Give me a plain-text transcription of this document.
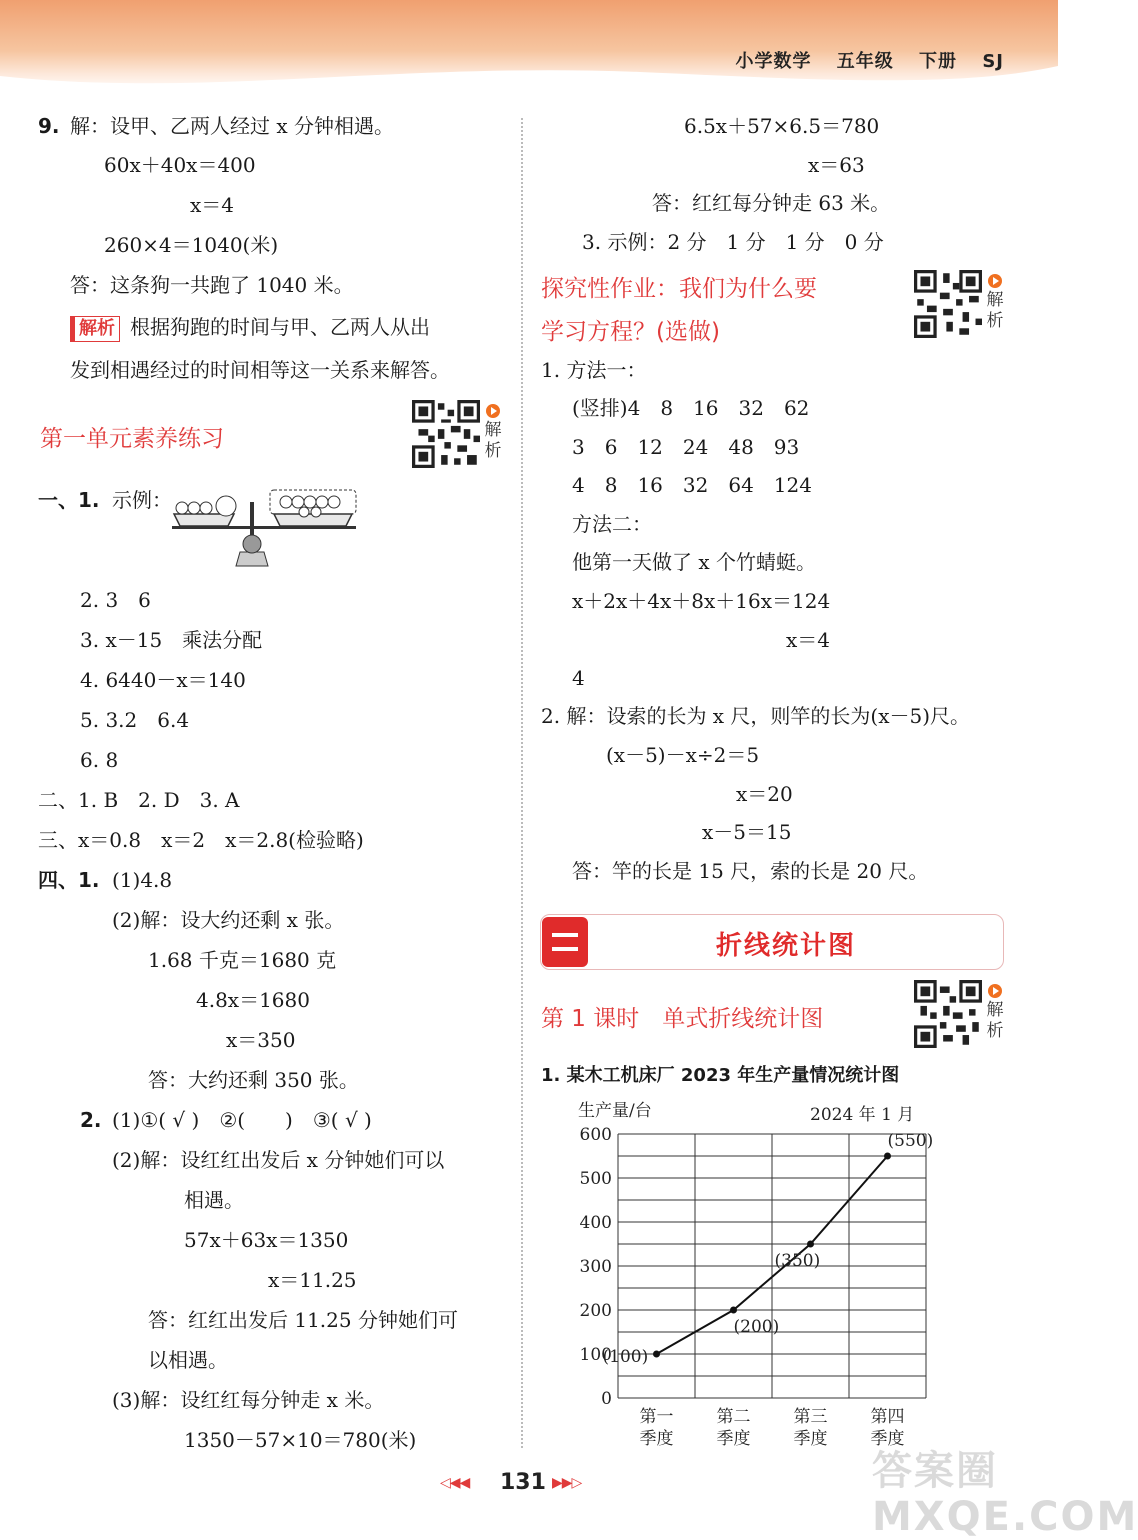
小学数学 五年级 下册 SJ
9. 解：设甲、乙两人经过 x 分钟相遇。
60x＋40x＝400
x＝4
260×4＝1040(米)
答：这条狗一共跑了 1040 米。
解析 根据狗跑的时间与甲、乙两人从出
发到相遇经过的时间相等这一关系来解答。
第一单元素养练习	解
析
一、1. 示例：
2. 3　6
3. x－15　乘法分配
4. 6440－x＝140
5. 3.2　6.4
6. 8
二、1. B　2. D　3. A
三、x＝0.8　x＝2　x＝2.8(检验略)
四、1. (1)4.8
(2)解：设大约还剩 x 张。
1.68 千克＝1680 克
4.8x＝1680
x＝350
答：大约还剩 350 张。
2. (1)①( √ )　②(　　)　③( √ )
(2)解：设红红出发后 x 分钟她们可以
相遇。
57x＋63x＝1350
x＝11.25
答：红红出发后 11.25 分钟她们可
以相遇。
(3)解：设红红每分钟走 x 米。
1350－57×10＝780(米)
6.5x＋57×6.5＝780
x＝63
答：红红每分钟走 63 米。
3. 示例：2 分　1 分　1 分　0 分
探究性作业：我们为什么要
学习方程？(选做)
解
析
1. 方法一：
(竖排)4　8　16　32　62
3　6　12　24　48　93
4　8　16　32　64　124
方法二：
他第一天做了 x 个竹蜻蜓。
x＋2x＋4x＋8x＋16x＝124
x＝4
4
2. 解：设索的长为 x 尺，则竿的长为(x－5)尺。
(x－5)－x÷2＝5
x＝20
x－5＝15
答：竿的长是 15 尺，索的长是 20 尺。
折线统计图
第 1 课时　单式折线统计图	解
析
1. 某木工机床厂 2023 年生产量情况统计图
生产量/台	2024 年 1 月
0
100
200
300
400
500
600
第一
季度
第二
季度
第三
季度
第四
季度
(100)
(200)
(350)
(550)
◁◀◀ 131 ▶▶▷	答案圈 MXQE.COM
